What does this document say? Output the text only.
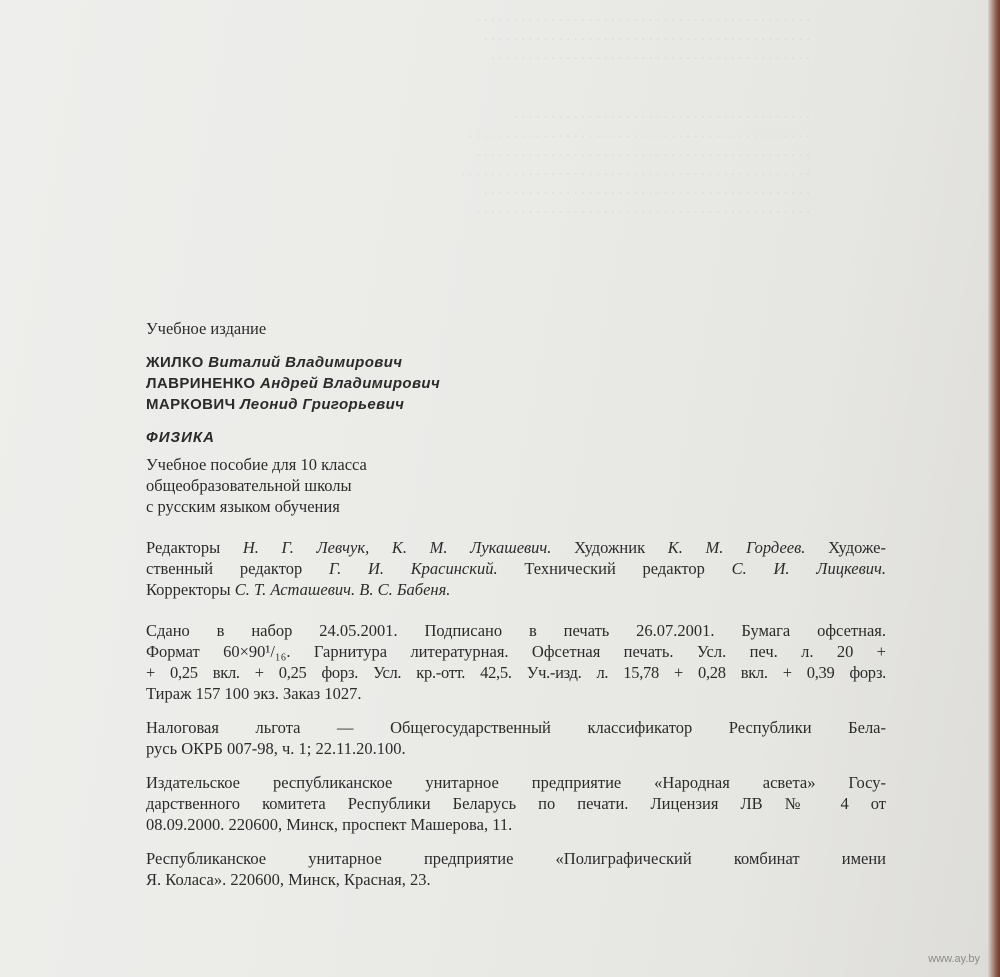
. . . . . . . . . . . . . . . . . . . . . . . . . . . . . . . . . . . . . . . . . . . . .
. . . . . . . . . . . . . . . . . . . . . . . . . . . . . . . . . . . . . . . . . . . .
. . . . . . . . . . . . . . . . . . . . . . . . . . . . . . . . . . . . . . . . . . .
. . . . . . . . . . . . . . . . . . . . . . . . . . . . . . . . . . . . . . . .
. . . . . . . . . . . . . . . . . . . . . . . . . . . . . . . . . . . . . . . . . . . . . .
. . . . . . . . . . . . . . . . . . . . . . . . . . . . . . . . . . . . . . . . . . . . .
. . . . . . . . . . . . . . . . . . . . . . . . . . . . . . . . . . . . . . . . . . . . . . .
. . . . . . . . . . . . . . . . . . . . . . . . . . . . . . . . . . . . . . . . . . . .
. . . . . . . . . . . . . . . . . . . . . . . . . . . . . . . . . . . . . . . . . . . . .
Учебное издание
ЖИЛКО Виталий Владимирович
ЛАВРИНЕНКО Андрей Владимирович
МАРКОВИЧ Леонид Григорьевич
ФИЗИКА
Учебное пособие для 10 класса
общеобразовательной школы
с русским языком обучения
Редакторы Н. Г. Левчук, К. М. Лукашевич. Художник К. М. Гордеев. Художе-
ственный редактор Г. И. Красинский. Технический редактор С. И. Лицкевич.
Корректоры С. Т. Асташевич. В. С. Бабеня.
Сдано в набор 24.05.2001. Подписано в печать 26.07.2001. Бумага офсетная.
Формат 60×90¹/₁₆. Гарнитура литературная. Офсетная печать. Усл. печ. л. 20 +
+ 0,25 вкл. + 0,25 форз. Усл. кр.-отт. 42,5. Уч.-изд. л. 15,78 + 0,28 вкл. + 0,39 форз.
Тираж 157 100 экз. Заказ 1027.
Налоговая льгота — Общегосударственный классификатор Республики Бела-
русь ОКРБ 007-98, ч. 1; 22.11.20.100.
Издательское республиканское унитарное предприятие «Народная асвета» Госу-
дарственного комитета Республики Беларусь по печати. Лицензия ЛВ № 4 от
08.09.2000. 220600, Минск, проспект Машерова, 11.
Республиканское унитарное предприятие «Полиграфический комбинат имени
Я. Коласа». 220600, Минск, Красная, 23.
www.ay.by
